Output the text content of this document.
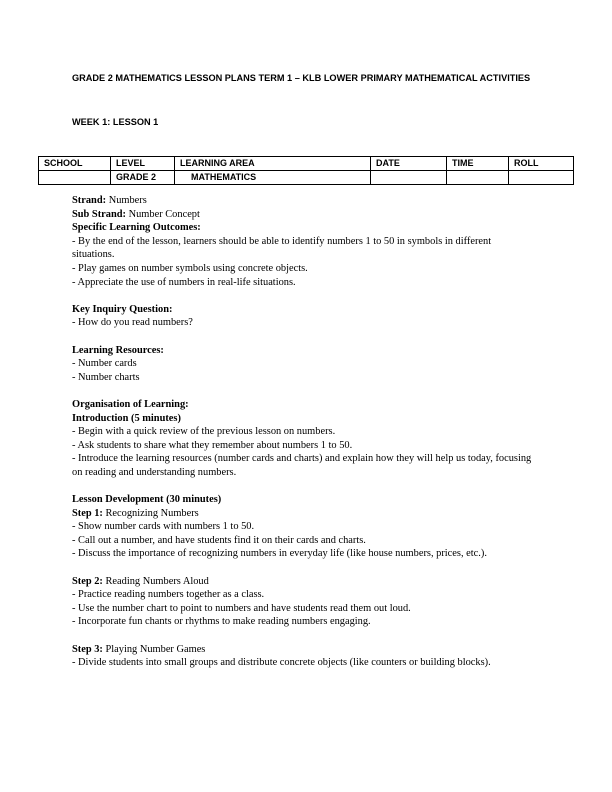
GRADE 2 MATHEMATICS LESSON PLANS TERM 1 – KLB LOWER PRIMARY MATHEMATICAL ACTIVITIES
WEEK 1: LESSON 1
SCHOOL	LEVEL	LEARNING AREA	DATE	TIME	ROLL
	GRADE 2	MATHEMATICS			

Strand: Numbers

Sub Strand: Number Concept

Specific Learning Outcomes:

- By the end of the lesson, learners should be able to identify numbers 1 to 50 in symbols in different situations.

- Play games on number symbols using concrete objects.

- Appreciate the use of numbers in real-life situations.

Key Inquiry Question:

- How do you read numbers?

Learning Resources:

- Number cards

- Number charts

Organisation of Learning:

Introduction (5 minutes)

- Begin with a quick review of the previous lesson on numbers.

- Ask students to share what they remember about numbers 1 to 50.

- Introduce the learning resources (number cards and charts) and explain how they will help us today, focusing on reading and understanding numbers.

Lesson Development (30 minutes)

Step 1: Recognizing Numbers

- Show number cards with numbers 1 to 50.

- Call out a number, and have students find it on their cards and charts.

- Discuss the importance of recognizing numbers in everyday life (like house numbers, prices, etc.).

Step 2: Reading Numbers Aloud

- Practice reading numbers together as a class.

- Use the number chart to point to numbers and have students read them out loud.

- Incorporate fun chants or rhythms to make reading numbers engaging.

Step 3: Playing Number Games

- Divide students into small groups and distribute concrete objects (like counters or building blocks).
